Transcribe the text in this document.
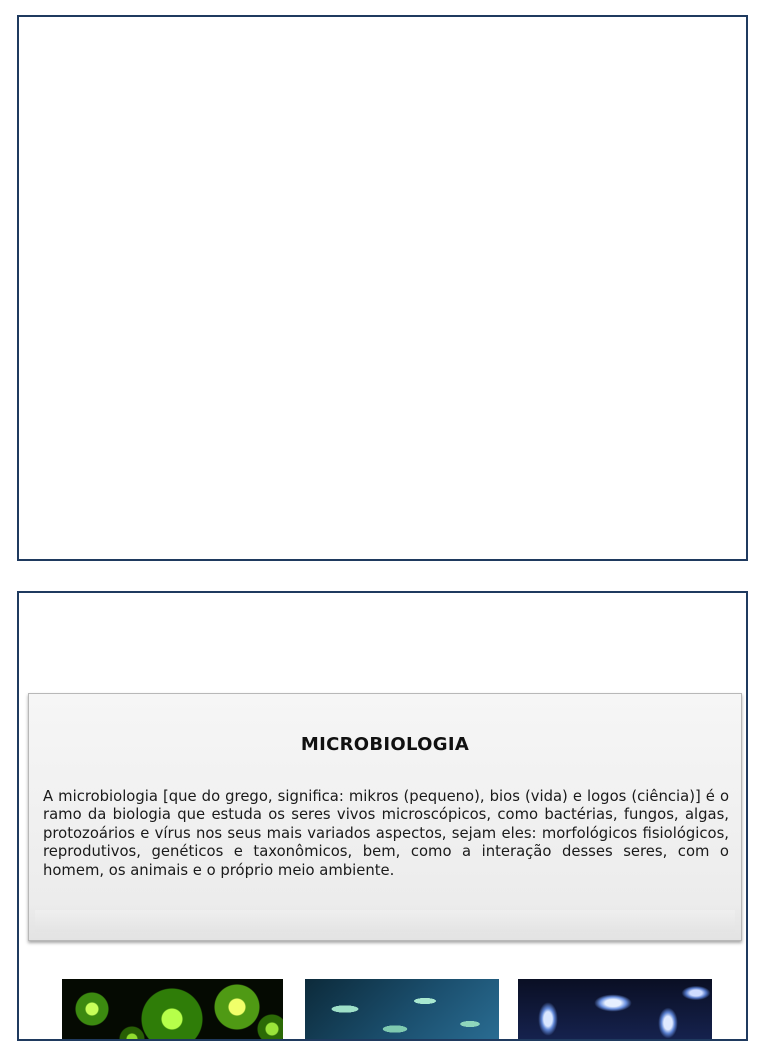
MICROBIOLOGIA

A microbiologia [que do grego, significa: mikros (pequeno), bios (vida) e logos (ciência)] é o ramo da biologia que estuda os seres vivos microscópicos, como bactérias, fungos, algas, protozoários e vírus nos seus mais variados aspectos, sejam eles: morfológicos fisiológicos, reprodutivos, genéticos e taxonômicos, bem, como a interação desses seres, com o homem, os animais e o próprio meio ambiente.
